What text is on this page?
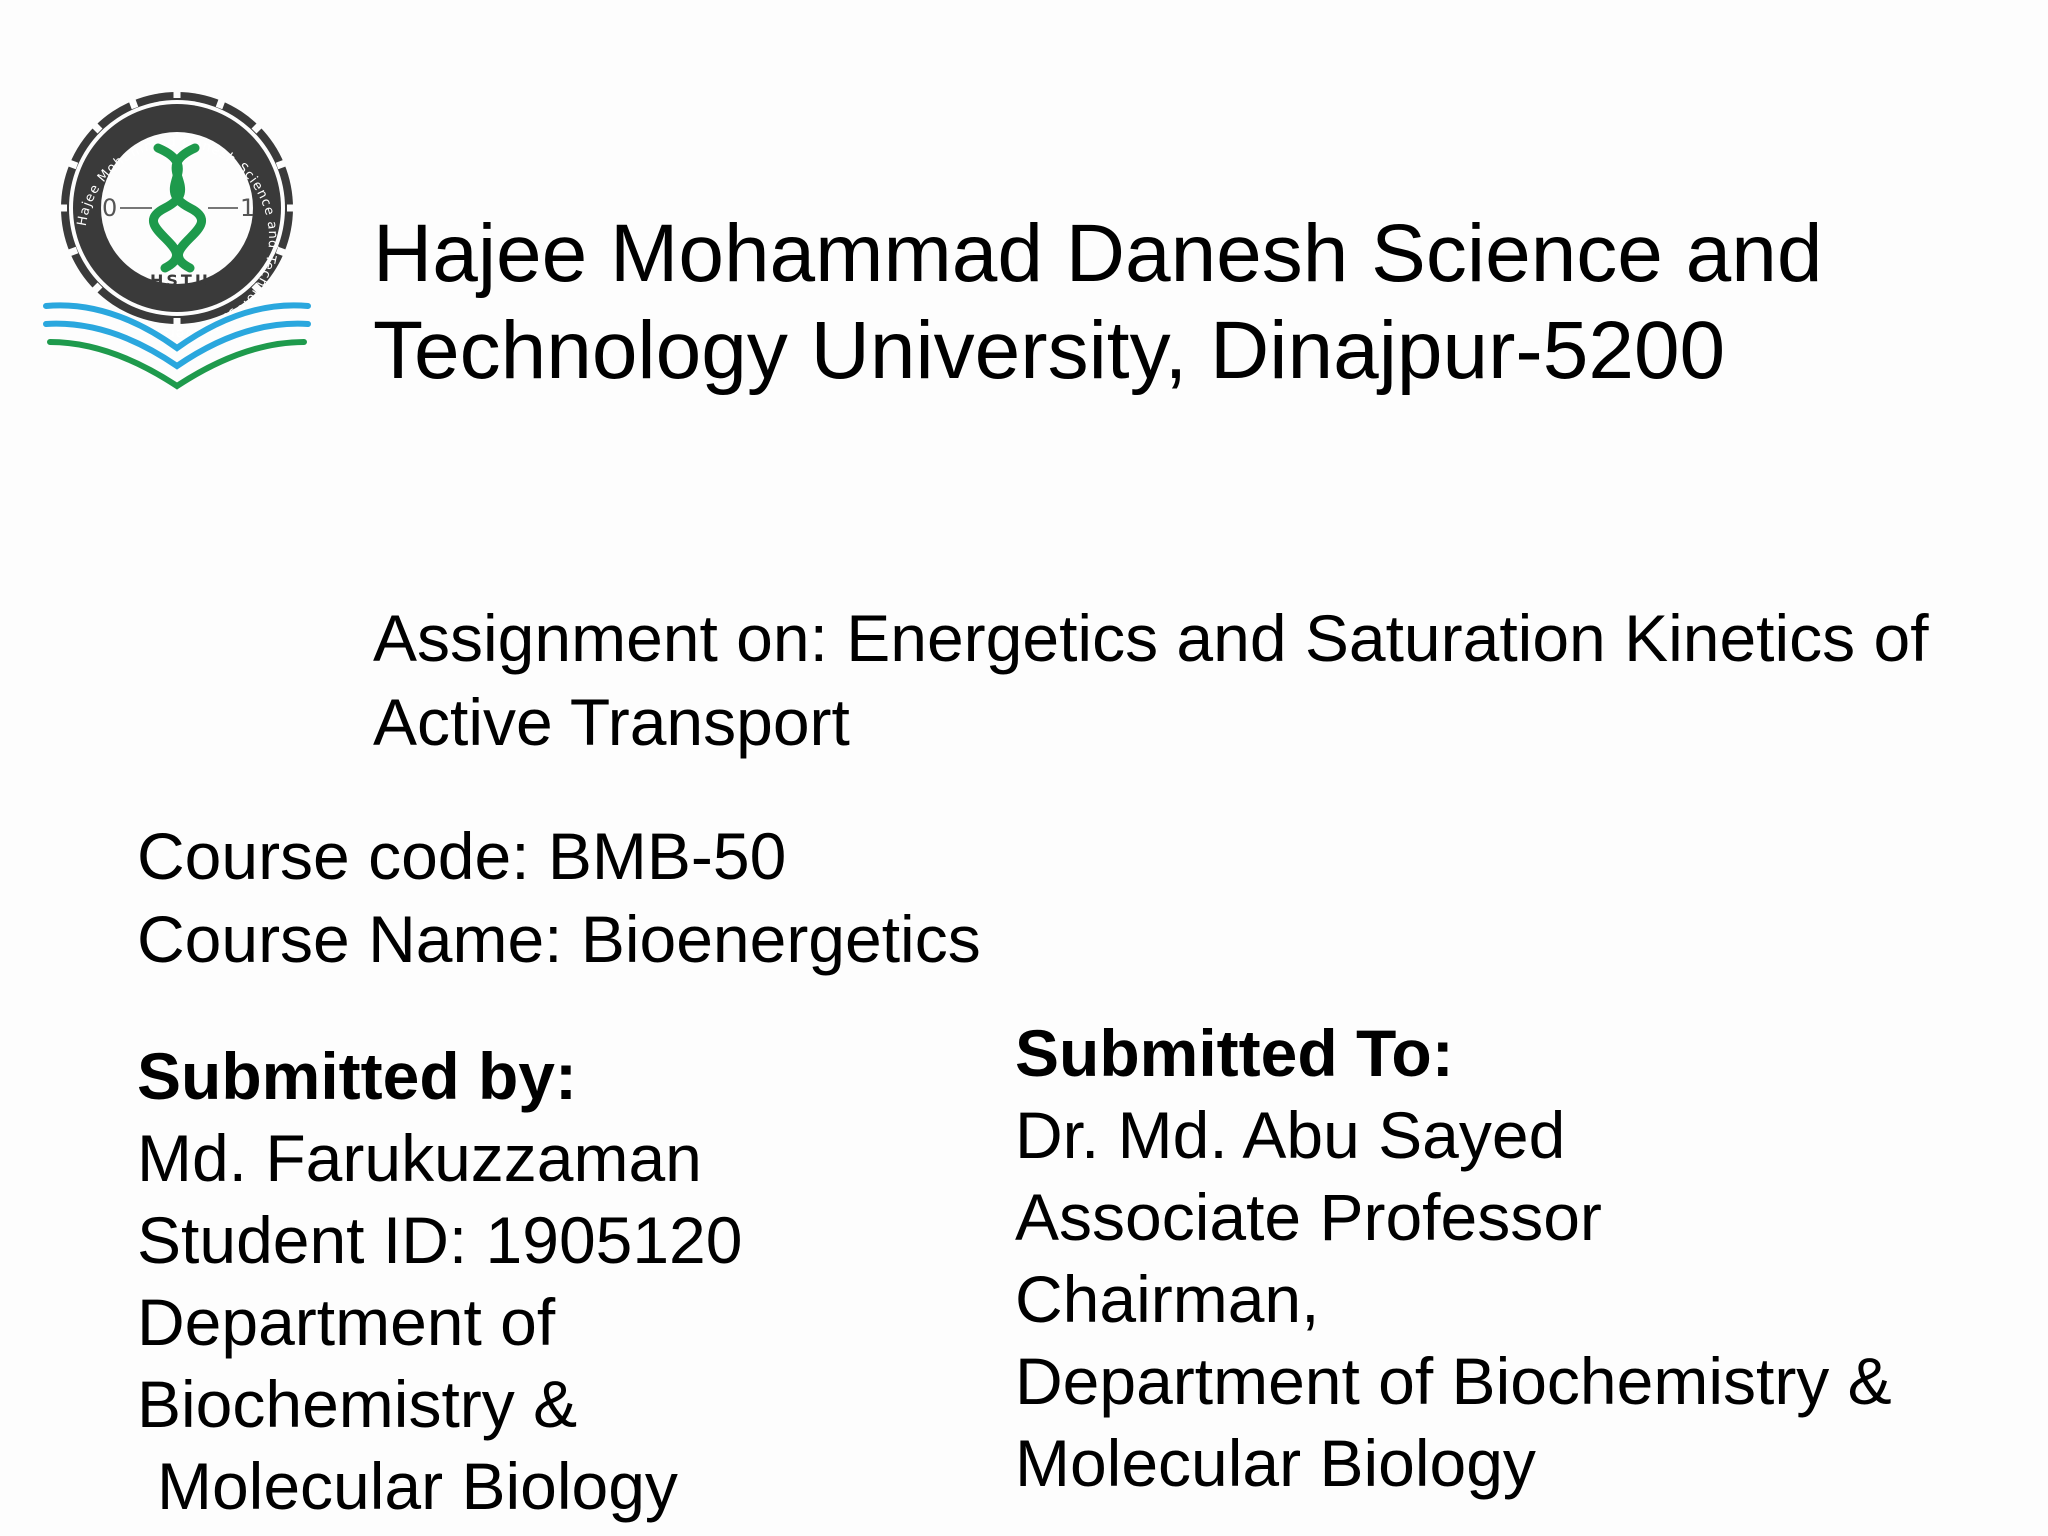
Hajee Mohammad Danesh Science and Technology University
0	1
HSTU Hajee Mohammad Danesh Science and
Technology University, Dinajpur-5200
Assignment on: Energetics and Saturation Kinetics of
Active Transport
Course code: BMB-50
Course Name: Bioenergetics
Submitted by:
Md. Farukuzzaman
Student ID: 1905120
Department of
Biochemistry &
Molecular Biology
Submitted To:
Dr. Md. Abu Sayed
Associate Professor
Chairman,
Department of Biochemistry &
Molecular Biology
